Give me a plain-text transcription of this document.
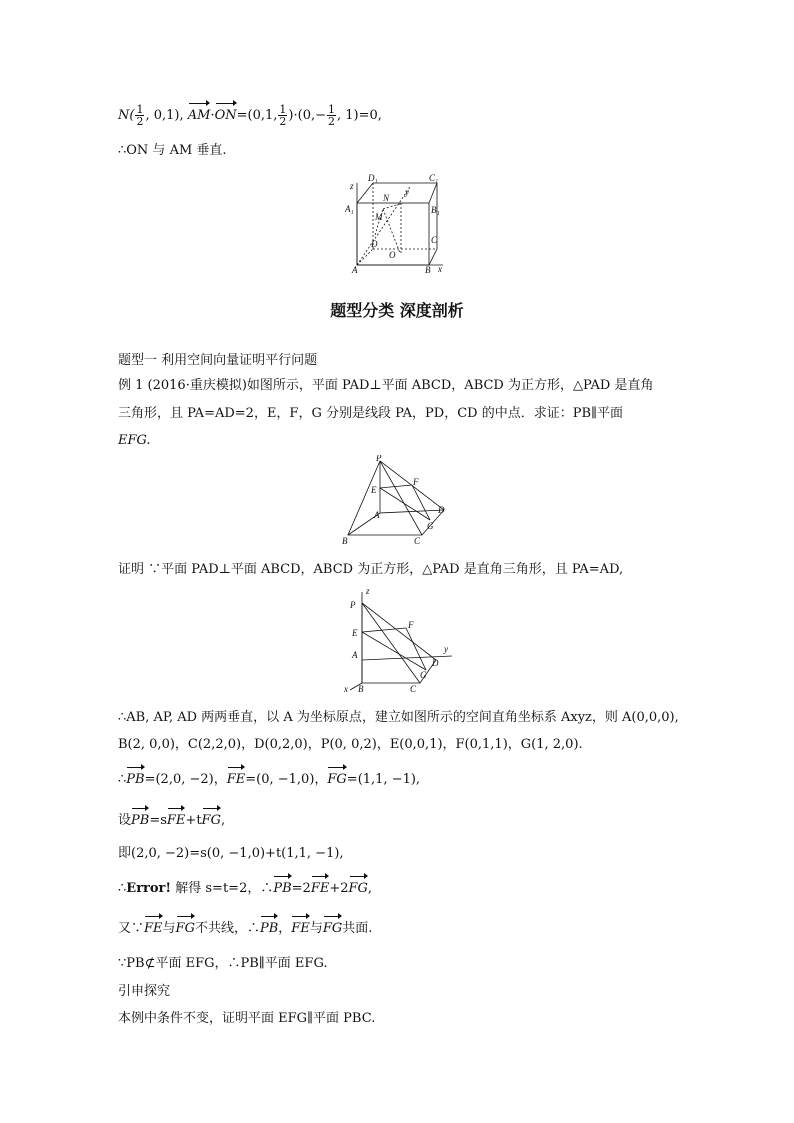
$N( \frac{1}{2}$ , 0,1), AM·ON=(0,1, $\frac{1}{2} )\cdot(0,- \frac{1}{2}$ , 1)=0,
∴ON 与 AM 垂直.
D₁	C₁
A₁	B₁
N
M
D
O
C
A	B x
y
z
题型分类 深度剖析
题型一 利用空间向量证明平行问题
例 1 (2016·重庆模拟)如图所示，平面 PAD⊥平面 ABCD，ABCD 为正方形，△PAD 是直角
三角形，且 PA=AD=2，E，F，G 分别是线段 PA，PD，CD 的中点．求证：PB∥平面
EFG.
P
E
F
A	D
G
B	C
证明 ∵平面 PAD⊥平面 ABCD，ABCD 为正方形，△PAD 是直角三角形，且 PA=AD,
P
z
E
F
A
D
y
G
x B	C
∴AB, AP, AD 两两垂直，以 A 为坐标原点，建立如图所示的空间直角坐标系 Axyz，则 A(0,0,0),
B(2, 0,0)，C(2,2,0)，D(0,2,0)，P(0, 0,2)，E(0,0,1)，F(0,1,1)，G(1, 2,0).
∴PB=(2,0, −2)，FE=(0, −1,0)，FG=(1,1, −1),
设PB=sFE+tFG,
即(2,0, −2)=s(0, −1,0)+t(1,1, −1),
∴Error! 解得 s=t=2，∴PB=2FE+2FG,
又∵FE与FG不共线，∴PB，FE与FG共面.
∵PB⊄平面 EFG，∴PB∥平面 EFG.
引申探究
本例中条件不变，证明平面 EFG∥平面 PBC.
